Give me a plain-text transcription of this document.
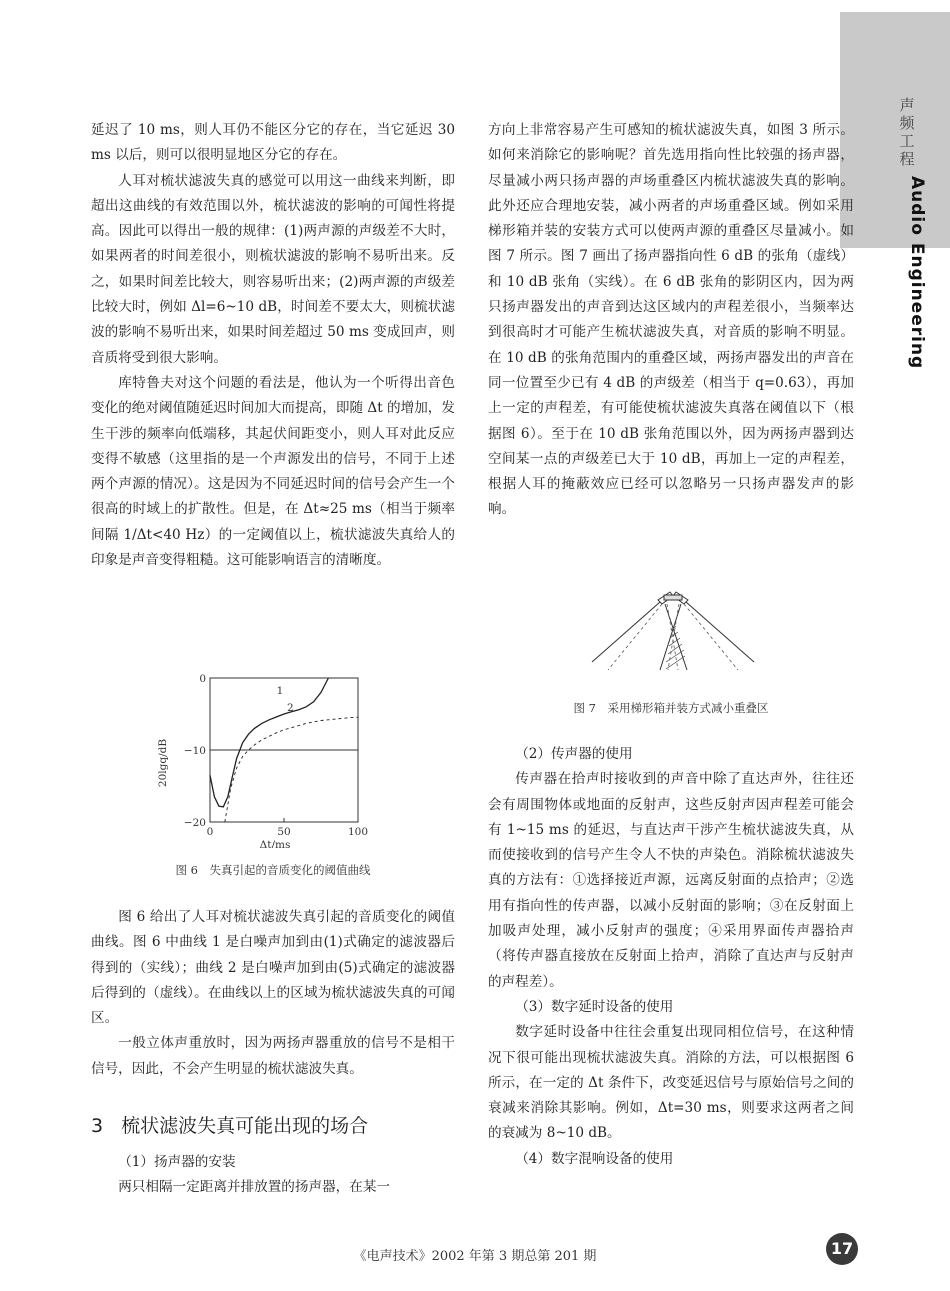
声频工程
Audio Engineering

延迟了 10 ms，则人耳仍不能区分它的存在，当它延迟 30 ms 以后，则可以很明显地区分它的存在。

人耳对梳状滤波失真的感觉可以用这一曲线来判断，即超出这曲线的有效范围以外，梳状滤波的影响的可闻性将提高。因此可以得出一般的规律：(1)两声源的声级差不大时，如果两者的时间差很小，则梳状滤波的影响不易听出来。反之，如果时间差比较大，则容易听出来；(2)两声源的声级差比较大时，例如 Δl=6~10 dB，时间差不要太大，则梳状滤波的影响不易听出来，如果时间差超过 50 ms 变成回声，则音质将受到很大影响。

库特鲁夫对这个问题的看法是，他认为一个听得出音色变化的绝对阈值随延迟时间加大而提高，即随 Δt 的增加，发生干涉的频率向低端移，其起伏间距变小，则人耳对此反应变得不敏感（这里指的是一个声源发出的信号，不同于上述两个声源的情况）。这是因为不同延迟时间的信号会产生一个很高的时域上的扩散性。但是，在 Δt≈25 ms（相当于频率间隔 1/Δt<40 Hz）的一定阈值以上，梳状滤波失真给人的印象是声音变得粗糙。这可能影响语言的清晰度。

0
−10
−20
0	50	100
1
2
20lgq/dB
Δt/ms
图 6　失真引起的音质变化的阈值曲线

图 6 给出了人耳对梳状滤波失真引起的音质变化的阈值曲线。图 6 中曲线 1 是白噪声加到由(1)式确定的滤波器后得到的（实线）；曲线 2 是白噪声加到由(5)式确定的滤波器后得到的（虚线）。在曲线以上的区域为梳状滤波失真的可闻区。

一般立体声重放时，因为两扬声器重放的信号不是相干信号，因此，不会产生明显的梳状滤波失真。

3 梳状滤波失真可能出现的场合

（1）扬声器的安装

两只相隔一定距离并排放置的扬声器，在某一

方向上非常容易产生可感知的梳状滤波失真，如图 3 所示。如何来消除它的影响呢？首先选用指向性比较强的扬声器，尽量减小两只扬声器的声场重叠区内梳状滤波失真的影响。此外还应合理地安装，减小两者的声场重叠区域。例如采用梯形箱并装的安装方式可以使两声源的重叠区尽量减小。如图 7 所示。图 7 画出了扬声器指向性 6 dB 的张角（虚线）和 10 dB 张角（实线）。在 6 dB 张角的影阴区内，因为两只扬声器发出的声音到达这区域内的声程差很小，当频率达到很高时才可能产生梳状滤波失真，对音质的影响不明显。在 10 dB 的张角范围内的重叠区域，两扬声器发出的声音在同一位置至少已有 4 dB 的声级差（相当于 q=0.63），再加上一定的声程差，有可能使梳状滤波失真落在阈值以下（根据图 6）。至于在 10 dB 张角范围以外，因为两扬声器到达空间某一点的声级差已大于 10 dB，再加上一定的声程差，根据人耳的掩蔽效应已经可以忽略另一只扬声器发声的影响。

图 7　采用梯形箱并装方式减小重叠区

（2）传声器的使用

传声器在拾声时接收到的声音中除了直达声外，往往还会有周围物体或地面的反射声，这些反射声因声程差可能会有 1~15 ms 的延迟，与直达声干涉产生梳状滤波失真，从而使接收到的信号产生令人不快的声染色。消除梳状滤波失真的方法有：①选择接近声源，远离反射面的点拾声；②选用有指向性的传声器，以减小反射面的影响；③在反射面上加吸声处理，减小反射声的强度；④采用界面传声器拾声（将传声器直接放在反射面上拾声，消除了直达声与反射声的声程差）。

（3）数字延时设备的使用

数字延时设备中往往会重复出现同相位信号，在这种情况下很可能出现梳状滤波失真。消除的方法，可以根据图 6 所示，在一定的 Δt 条件下，改变延迟信号与原始信号之间的衰减来消除其影响。例如，Δt=30 ms，则要求这两者之间的衰减为 8~10 dB。

（4）数字混响设备的使用

《电声技术》2002 年第 3 期总第 201 期	17
